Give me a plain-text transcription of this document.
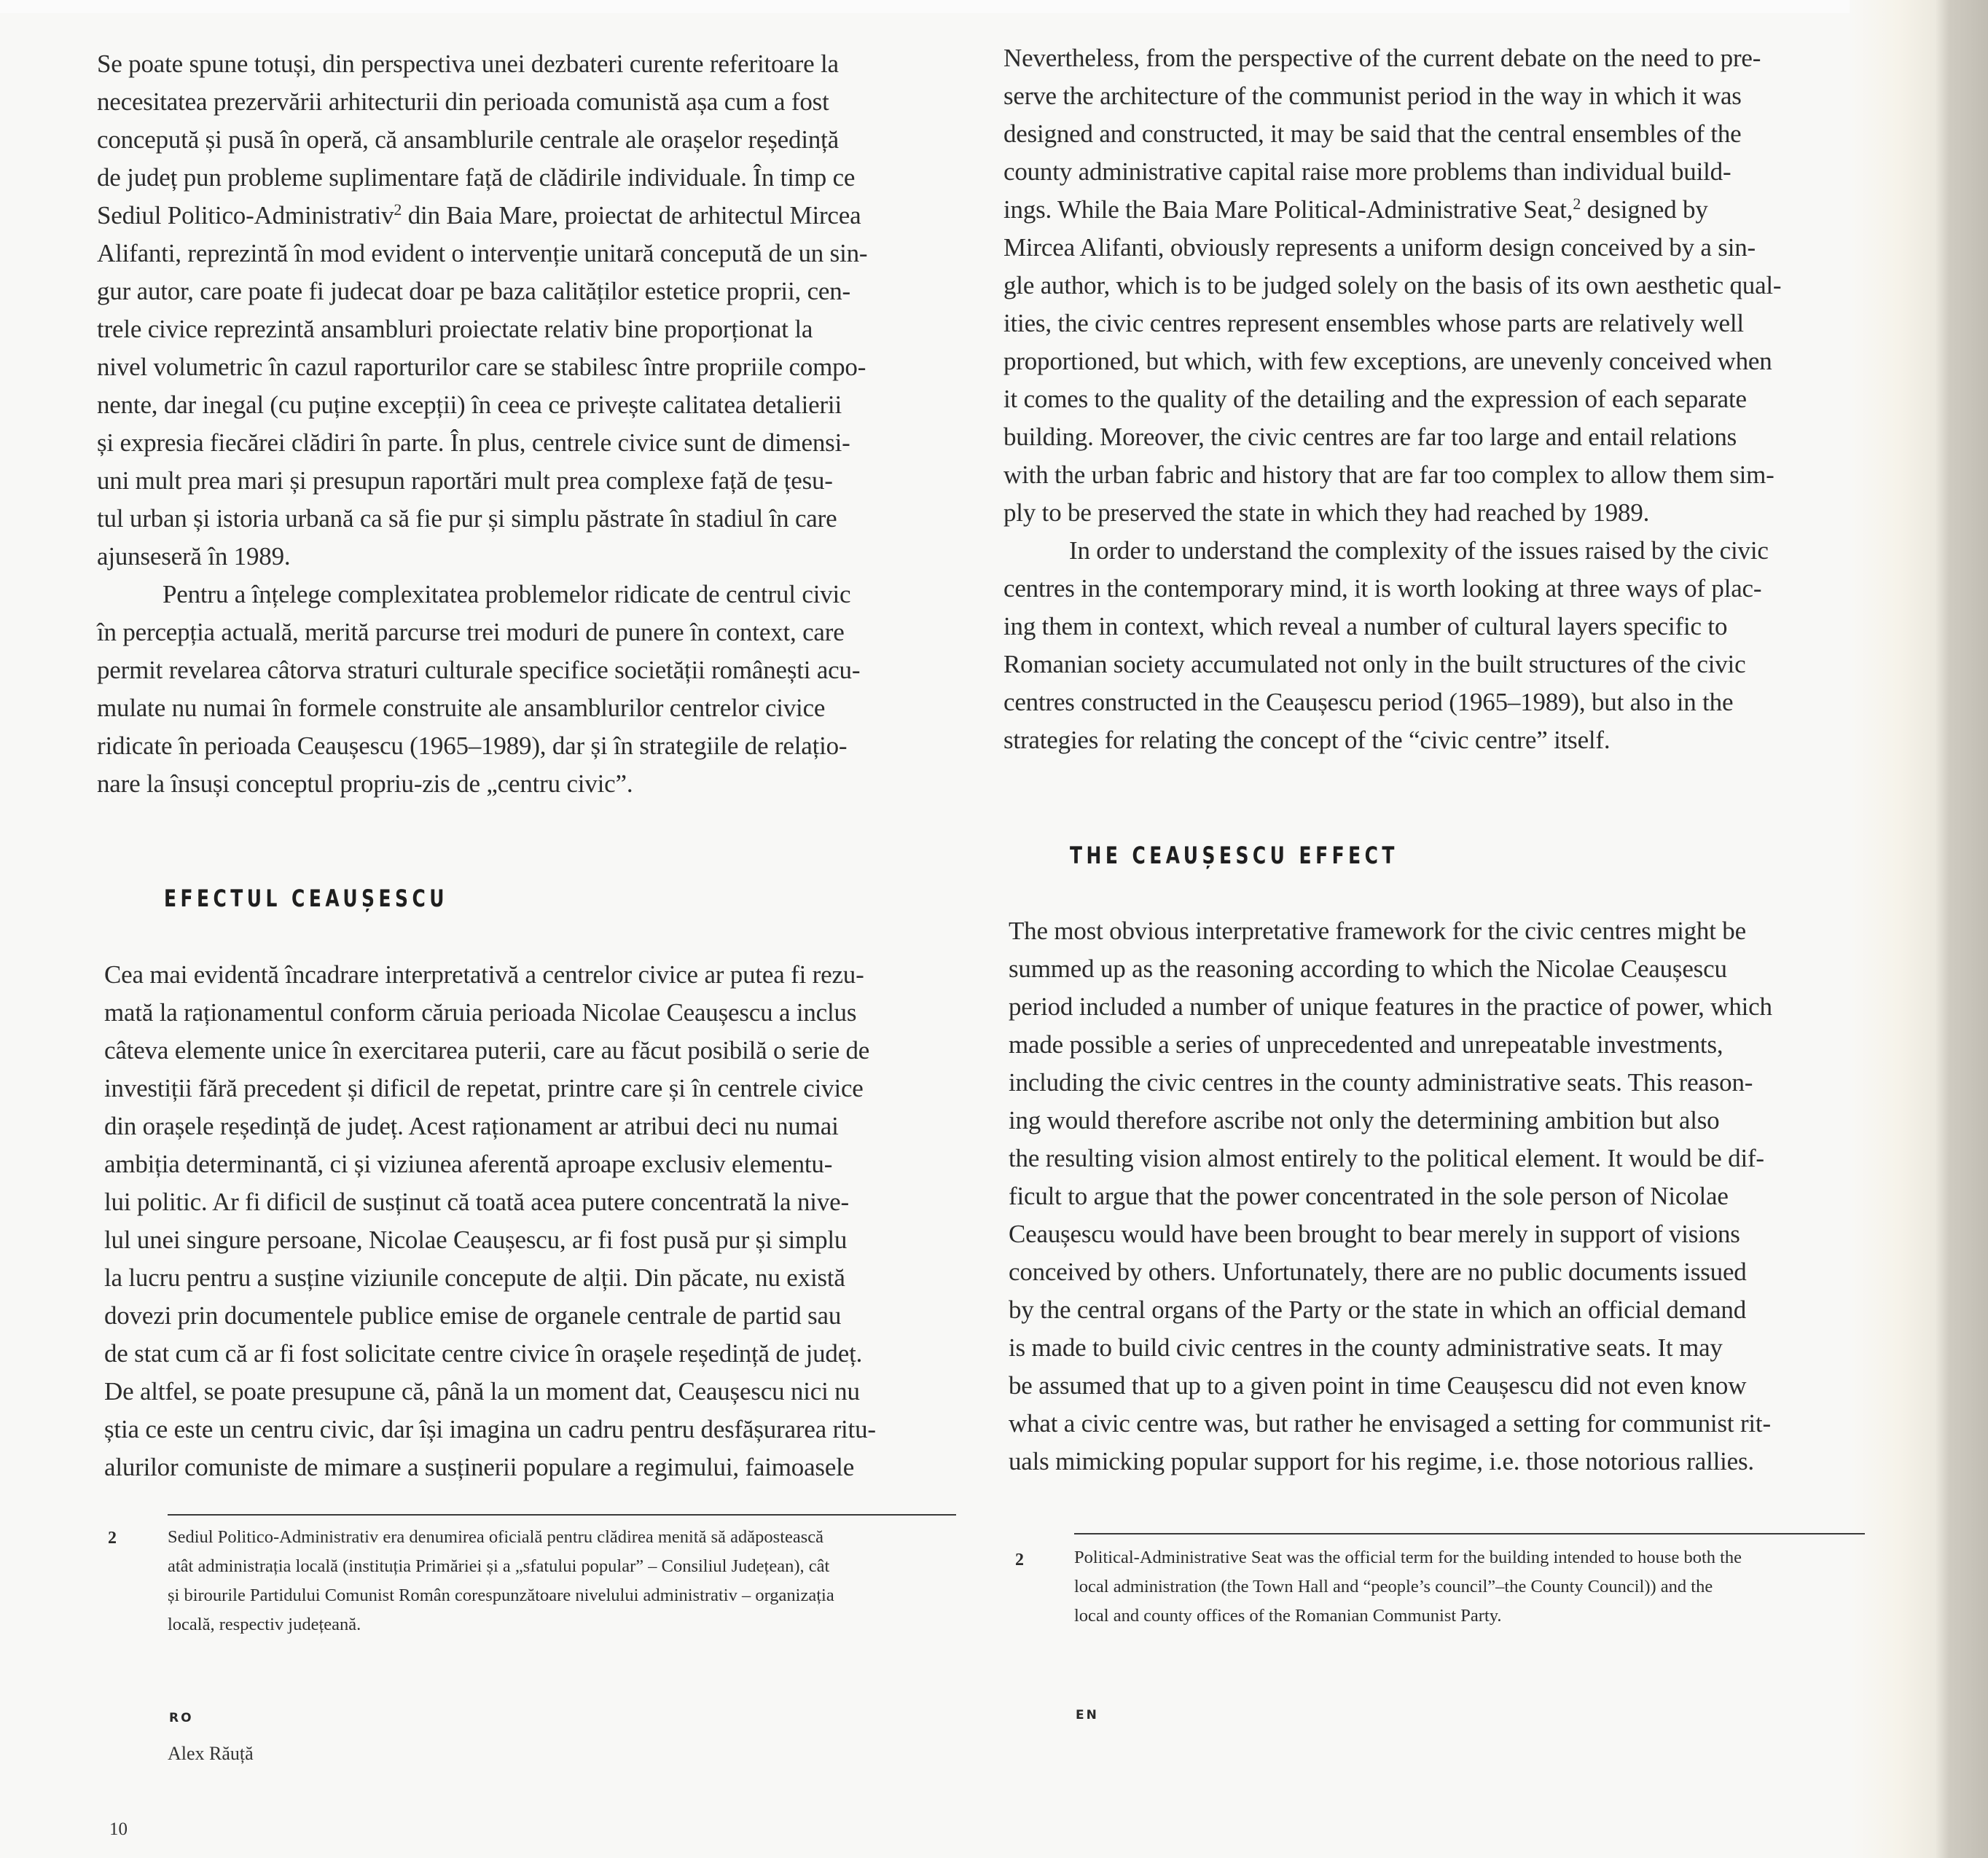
Se poate spune totuși, din perspectiva unei dezbateri curente referitoare la
necesitatea prezervării arhitecturii din perioada comunistă așa cum a fost
concepută și pusă în operă, că ansamblurile centrale ale orașelor reședință
de județ pun probleme suplimentare față de clădirile individuale. În timp ce
Sediul Politico-Administrativ$^2$ din Baia Mare, proiectat de arhitectul Mircea
Alifanti, reprezintă în mod evident o intervenție unitară concepută de un sin-
gur autor, care poate fi judecat doar pe baza calităților estetice proprii, cen-
trele civice reprezintă ansambluri proiectate relativ bine proporționat la
nivel volumetric în cazul raporturilor care se stabilesc între propriile compo-
nente, dar inegal (cu puține excepții) în ceea ce privește calitatea detalierii
și expresia fiecărei clădiri în parte. În plus, centrele civice sunt de dimensi-
uni mult prea mari și presupun raportări mult prea complexe față de țesu-
tul urban și istoria urbană ca să fie pur și simplu păstrate în stadiul în care
ajunseseră în 1989.
Pentru a înțelege complexitatea problemelor ridicate de centrul civic
în percepția actuală, merită parcurse trei moduri de punere în context, care
permit revelarea câtorva straturi culturale specifice societății românești acu-
mulate nu numai în formele construite ale ansamblurilor centrelor civice
ridicate în perioada Ceaușescu (1965–1989), dar și în strategiile de relațio-
nare la însuși conceptul propriu-zis de „centru civic”.
EFECTUL CEAUȘESCU
Cea mai evidentă încadrare interpretativă a centrelor civice ar putea fi rezu-
mată la raționamentul conform căruia perioada Nicolae Ceaușescu a inclus
câteva elemente unice în exercitarea puterii, care au făcut posibilă o serie de
investiții fără precedent și dificil de repetat, printre care și în centrele civice
din orașele reședință de județ. Acest raționament ar atribui deci nu numai
ambiția determinantă, ci și viziunea aferentă aproape exclusiv elementu-
lui politic. Ar fi dificil de susținut că toată acea putere concentrată la nive-
lul unei singure persoane, Nicolae Ceaușescu, ar fi fost pusă pur și simplu
la lucru pentru a susține viziunile concepute de alții. Din păcate, nu există
dovezi prin documentele publice emise de organele centrale de partid sau
de stat cum că ar fi fost solicitate centre civice în orașele reședință de județ.
De altfel, se poate presupune că, până la un moment dat, Ceaușescu nici nu
știa ce este un centru civic, dar își imagina un cadru pentru desfășurarea ritu-
alurilor comuniste de mimare a susținerii populare a regimului, faimoasele
2	Sediul Politico-Administrativ era denumirea oficială pentru clădirea menită să adăpostească
atât administrația locală (instituția Primăriei și a „sfatului popular” – Consiliul Județean), cât
și birourile Partidului Comunist Român corespunzătoare nivelului administrativ – organizația
locală, respectiv județeană.
RO
Alex Răuță
10
Nevertheless, from the perspective of the current debate on the need to pre-
serve the architecture of the communist period in the way in which it was
designed and constructed, it may be said that the central ensembles of the
county administrative capital raise more problems than individual build-
ings. While the Baia Mare Political-Administrative Seat,$^2$ designed by
Mircea Alifanti, obviously represents a uniform design conceived by a sin-
gle author, which is to be judged solely on the basis of its own aesthetic qual-
ities, the civic centres represent ensembles whose parts are relatively well
proportioned, but which, with few exceptions, are unevenly conceived when
it comes to the quality of the detailing and the expression of each separate
building. Moreover, the civic centres are far too large and entail relations
with the urban fabric and history that are far too complex to allow them sim-
ply to be preserved the state in which they had reached by 1989.
In order to understand the complexity of the issues raised by the civic
centres in the contemporary mind, it is worth looking at three ways of plac-
ing them in context, which reveal a number of cultural layers specific to
Romanian society accumulated not only in the built structures of the civic
centres constructed in the Ceaușescu period (1965–1989), but also in the
strategies for relating the concept of the “civic centre” itself.
THE CEAUȘESCU EFFECT
The most obvious interpretative framework for the civic centres might be
summed up as the reasoning according to which the Nicolae Ceaușescu
period included a number of unique features in the practice of power, which
made possible a series of unprecedented and unrepeatable investments,
including the civic centres in the county administrative seats. This reason-
ing would therefore ascribe not only the determining ambition but also
the resulting vision almost entirely to the political element. It would be dif-
ficult to argue that the power concentrated in the sole person of Nicolae
Ceaușescu would have been brought to bear merely in support of visions
conceived by others. Unfortunately, there are no public documents issued
by the central organs of the Party or the state in which an official demand
is made to build civic centres in the county administrative seats. It may
be assumed that up to a given point in time Ceaușescu did not even know
what a civic centre was, but rather he envisaged a setting for communist rit-
uals mimicking popular support for his regime, i.e. those notorious rallies.
2	Political-Administrative Seat was the official term for the building intended to house both the
local administration (the Town Hall and “people’s council”–the County Council)) and the
local and county offices of the Romanian Communist Party.
EN
